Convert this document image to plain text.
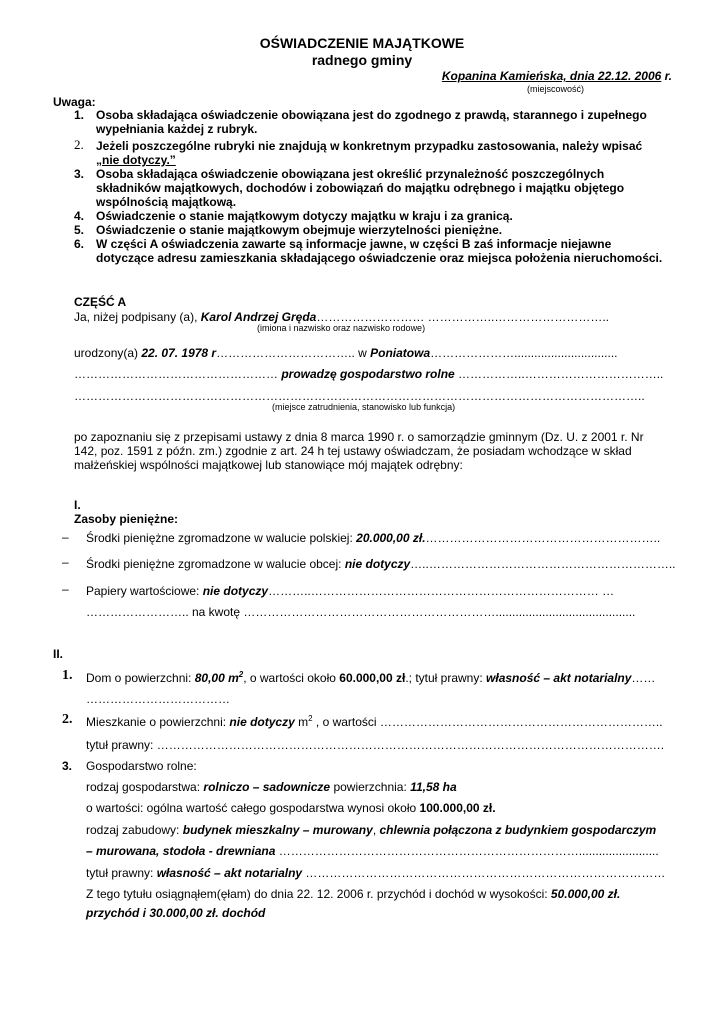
OŚWIADCZENIE MAJĄTKOWE
radnego gminy
Kopanina Kamieńska, dnia 22.12. 2006 r.
(miejscowość)
Uwaga:
1. Osoba składająca oświadczenie obowiązana jest do zgodnego z prawdą, starannego i zupełnego
wypełniania każdej z rubryk.
2. Jeżeli poszczególne rubryki nie znajdują w konkretnym przypadku zastosowania, należy wpisać
„nie dotyczy.”
3. Osoba składająca oświadczenie obowiązana jest określić przynależność poszczególnych
składników majątkowych, dochodów i zobowiązań do majątku odrębnego i majątku objętego
wspólnością majątkową.
4. Oświadczenie o stanie majątkowym dotyczy majątku w kraju i za granicą.
5. Oświadczenie o stanie majątkowym obejmuje wierzytelności pieniężne.
6. W części A oświadczenia zawarte są informacje jawne, w części B zaś informacje niejawne
dotyczące adresu zamieszkania składającego oświadczenie oraz miejsca położenia nieruchomości.
CZĘŚĆ A
Ja, niżej podpisany (a), Karol Andrzej Gręda……………………… ……………..………………………..
(imiona i nazwisko oraz nazwisko rodowe)
urodzony(a) 22. 07. 1978 r…………………………….. w Poniatowa…………………...............................
…………………………………………… prowadzę gospodarstwo rolne ……………..……………………………..
……………………………………………………………………………………………………………………………..
(miejsce zatrudnienia, stanowisko lub funkcja)
po zapoznaniu się z przepisami ustawy z dnia 8 marca 1990 r. o samorządzie gminnym (Dz. U. z 2001 r. Nr
142, poz. 1591 z późn. zm.) zgodnie z art. 24 h tej ustawy oświadczam, że posiadam wchodzące w skład
małżeńskiej wspólności majątkowej lub stanowiące mój majątek odrębny:
I.
Zasoby pieniężne:
– Środki pieniężne zgromadzone w walucie polskiej: 20.000,00 zł.…………………………………………………..
– Środki pieniężne zgromadzone w walucie obcej: nie dotyczy…..……………………………………………………..
– Papiery wartościowe: nie dotyczy………..……………………………………………………………… …
…………………….. na kwotę ………………………………………………………..........................................
II.
1. Dom o powierzchni: 80,00 $m^2$, o wartości około 60.000,00 zł.; tytuł prawny: własność – akt notarialny……
………………………………
2. Mieszkanie o powierzchni: nie dotyczy $m^2$ , o wartości ……………………………………………………………..
tytuł prawny: ……………………………………………………………………………………………………………….
3. Gospodarstwo rolne:
rodzaj gospodarstwa: rolniczo – sadownicze powierzchnia: 11,58 ha
o wartości: ogólna wartość całego gospodarstwa wynosi około 100.000,00 zł.
rodzaj zabudowy: budynek mieszkalny – murowany, chlewnia połączona z budynkiem gospodarczym
– murowana, stodoła - drewniana …………………………………………………………………........................
tytuł prawny: własność – akt notarialny ………………………………………………………………………………
Z tego tytułu osiągnąłem(ęłam) do dnia 22. 12. 2006 r. przychód i dochód w wysokości: 50.000,00 zł.
przychód i 30.000,00 zł. dochód
